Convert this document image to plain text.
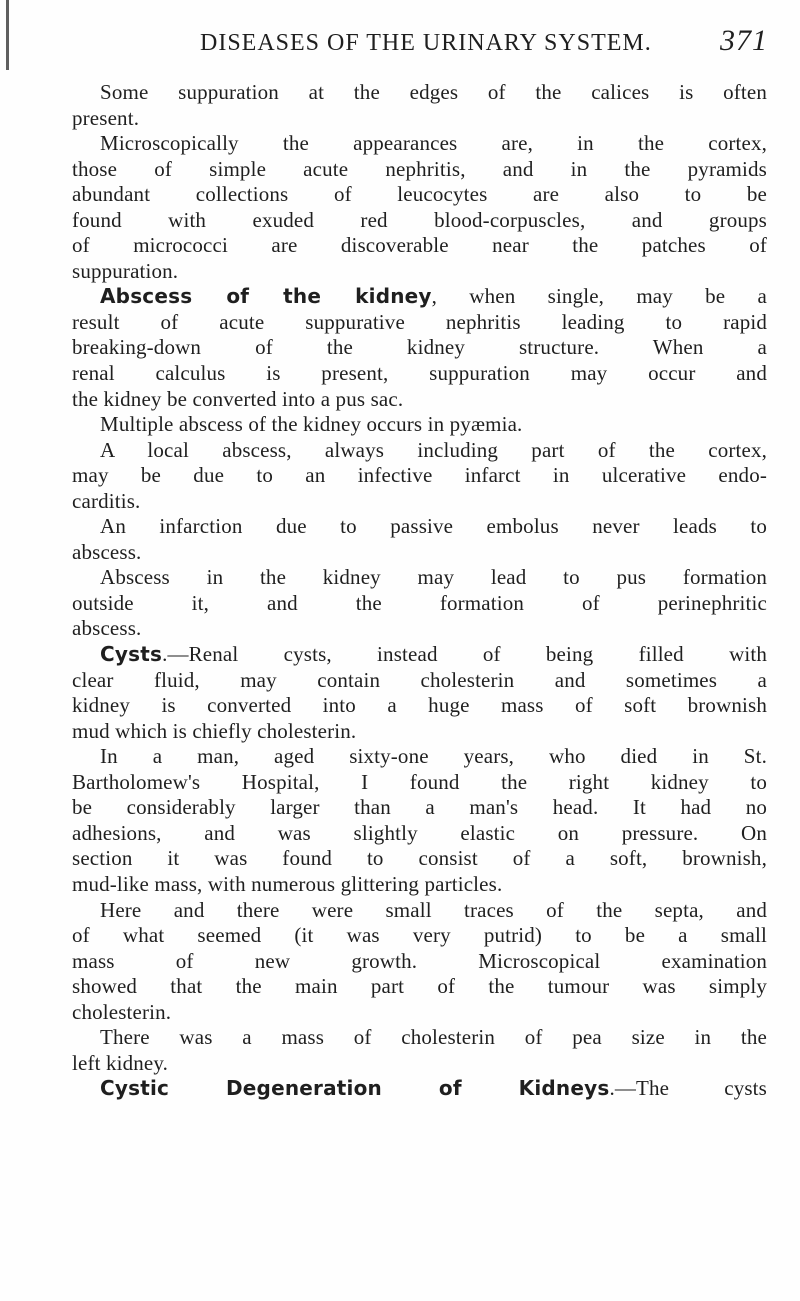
DISEASES OF THE URINARY SYSTEM. 371
Some suppuration at the edges of the calices is often
present.
Microscopically the appearances are, in the cortex,
those of simple acute nephritis, and in the pyramids
abundant collections of leucocytes are also to be
found with exuded red blood-corpuscles, and groups
of micrococci are discoverable near the patches of
suppuration.
Abscess of the kidney, when single, may be a
result of acute suppurative nephritis leading to rapid
breaking-down of the kidney structure. When a
renal calculus is present, suppuration may occur and
the kidney be converted into a pus sac.
Multiple abscess of the kidney occurs in pyæmia.
A local abscess, always including part of the cortex,
may be due to an infective infarct in ulcerative endo-
carditis.
An infarction due to passive embolus never leads to
abscess.
Abscess in the kidney may lead to pus formation
outside it, and the formation of perinephritic
abscess.
Cysts.—Renal cysts, instead of being filled with
clear fluid, may contain cholesterin and sometimes a
kidney is converted into a huge mass of soft brownish
mud which is chiefly cholesterin.
In a man, aged sixty-one years, who died in St.
Bartholomew's Hospital, I found the right kidney to
be considerably larger than a man's head. It had no
adhesions, and was slightly elastic on pressure. On
section it was found to consist of a soft, brownish,
mud-like mass, with numerous glittering particles.
Here and there were small traces of the septa, and
of what seemed (it was very putrid) to be a small
mass of new growth. Microscopical examination
showed that the main part of the tumour was simply
cholesterin.
There was a mass of cholesterin of pea size in the
left kidney.
Cystic Degeneration of Kidneys.—The cysts
